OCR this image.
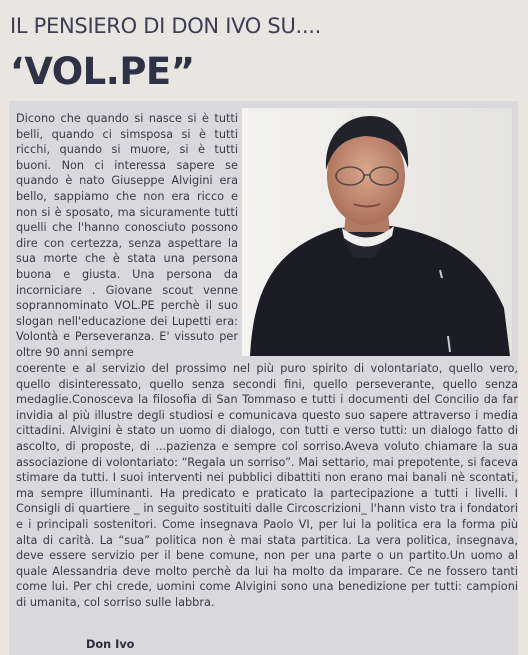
IL PENSIERO DI DON IVO SU....
‘VOL.PE”
Dicono che quando si nasce si è tutti belli, quando ci simsposa si è tutti ricchi, quando si muore, si è tutti buoni. Non ci interessa sapere se quando è nato Giuseppe Alvigini era bello, sappiamo che non era ricco e non si è sposato, ma sicuramente tutti quelli che l'hanno conosciuto possono dire con certezza, senza aspettare la sua morte che è stata una persona buona e giusta. Una persona da incorniciare . Giovane scout venne soprannominato VOL.PE perchè il suo slogan nell'educazione dei Lupetti era: Volontà e Perseveranza. E' vissuto per oltre 90 anni sempre
coerente e al servizio del prossimo nel più puro spirito di volontariato, quello vero, quello disinteressato, quello senza secondi fini, quello perseverante, quello senza medaglie.Conosceva la filosofia di San Tommaso e tutti i documenti del Concilio da far invidia al più illustre degli studiosi e comunicava questo suo sapere attraverso i media cittadini. Alvigini è stato un uomo di dialogo, con tutti e verso tutti: un dialogo fatto di ascolto, di proposte, di ...pazienza e sempre col sorriso.Aveva voluto chiamare la sua associazione di volontariato: “Regala un sorriso”. Mai settario, mai prepotente, si faceva stimare da tutti. I suoi interventi nei pubblici dibattiti non erano mai banali nè scontati, ma sempre illuminanti. Ha predicato e praticato la partecipazione a tutti i livelli. I Consigli di quartiere _ in seguito sostituiti dalle Circoscrizioni_ l'hann visto tra i fondatori e i principali sostenitori. Come insegnava Paolo VI, per lui la politica era la forma più alta di carità. La “sua” politica non è mai stata partitica. La vera politica, insegnava, deve essere servizio per il bene comune, non per una parte o un partito.Un uomo al quale Alessandria deve molto perchè da lui ha molto da imparare. Ce ne fossero tanti come lui. Per chi crede, uomini come Alvigini sono una benedizione per tutti: campioni di umanita, col sorriso sulle labbra.
Don Ivo
